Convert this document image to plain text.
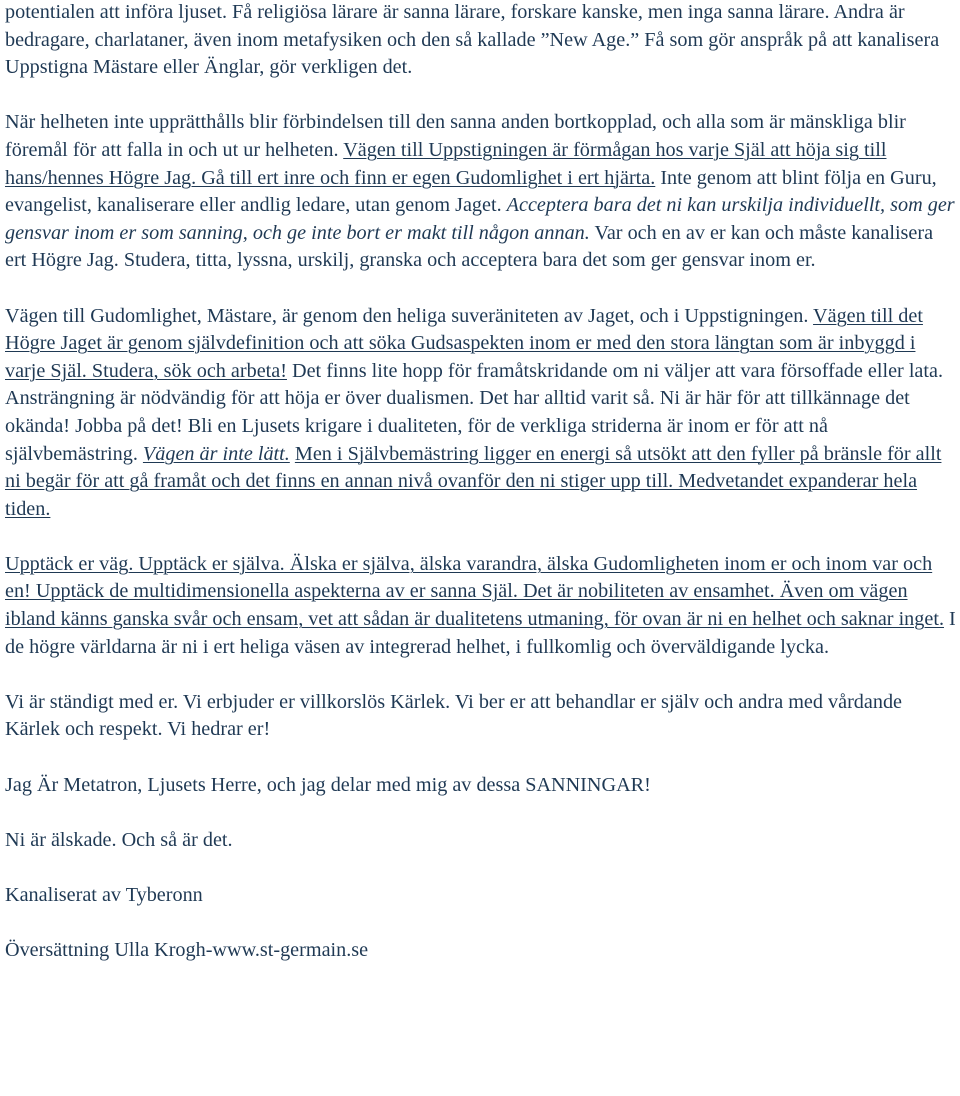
potentialen att införa ljuset. Få religiösa lärare är sanna lärare, forskare kanske, men inga sanna lärare. Andra är bedragare, charlataner, även inom metafysiken och den så kallade ”New Age.” Få som gör anspråk på att kanalisera Uppstigna Mästare eller Änglar, gör verkligen det.

När helheten inte upprätthålls blir förbindelsen till den sanna anden bortkopplad, och alla som är mänskliga blir föremål för att falla in och ut ur helheten. Vägen till Uppstigningen är förmågan hos varje Själ att höja sig till hans/hennes Högre Jag. Gå till ert inre och finn er egen Gudomlighet i ert hjärta. Inte genom att blint följa en Guru, evangelist, kanaliserare eller andlig ledare, utan genom Jaget. Acceptera bara det ni kan urskilja individuellt, som ger gensvar inom er som sanning, och ge inte bort er makt till någon annan. Var och en av er kan och måste kanalisera ert Högre Jag. Studera, titta, lyssna, urskilj, granska och acceptera bara det som ger gensvar inom er.

Vägen till Gudomlighet, Mästare, är genom den heliga suveräniteten av Jaget, och i Uppstigningen. Vägen till det Högre Jaget är genom självdefinition och att söka Gudsaspekten inom er med den stora längtan som är inbyggd i varje Själ. Studera, sök och arbeta! Det finns lite hopp för framåtskridande om ni väljer att vara försoffade eller lata. Ansträngning är nödvändig för att höja er över dualismen. Det har alltid varit så. Ni är här för att tillkännage det okända! Jobba på det! Bli en Ljusets krigare i dualiteten, för de verkliga striderna är inom er för att nå självbemästring. Vägen är inte lätt. Men i Självbemästring ligger en energi så utsökt att den fyller på bränsle för allt ni begär för att gå framåt och det finns en annan nivå ovanför den ni stiger upp till. Medvetandet expanderar hela tiden.

Upptäck er väg. Upptäck er själva. Älska er själva, älska varandra, älska Gudomligheten inom er och inom var och en! Upptäck de multidimensionella aspekterna av er sanna Själ. Det är nobiliteten av ensamhet. Även om vägen ibland känns ganska svår och ensam, vet att sådan är dualitetens utmaning, för ovan är ni en helhet och saknar inget. I de högre världarna är ni i ert heliga väsen av integrerad helhet, i fullkomlig och överväldigande lycka.

Vi är ständigt med er. Vi erbjuder er villkorslös Kärlek. Vi ber er att behandlar er själv och andra med vårdande Kärlek och respekt. Vi hedrar er!

Jag Är Metatron, Ljusets Herre, och jag delar med mig av dessa SANNINGAR!

Ni är älskade. Och så är det.

Kanaliserat av Tyberonn

Översättning Ulla Krogh-www.st-germain.se
